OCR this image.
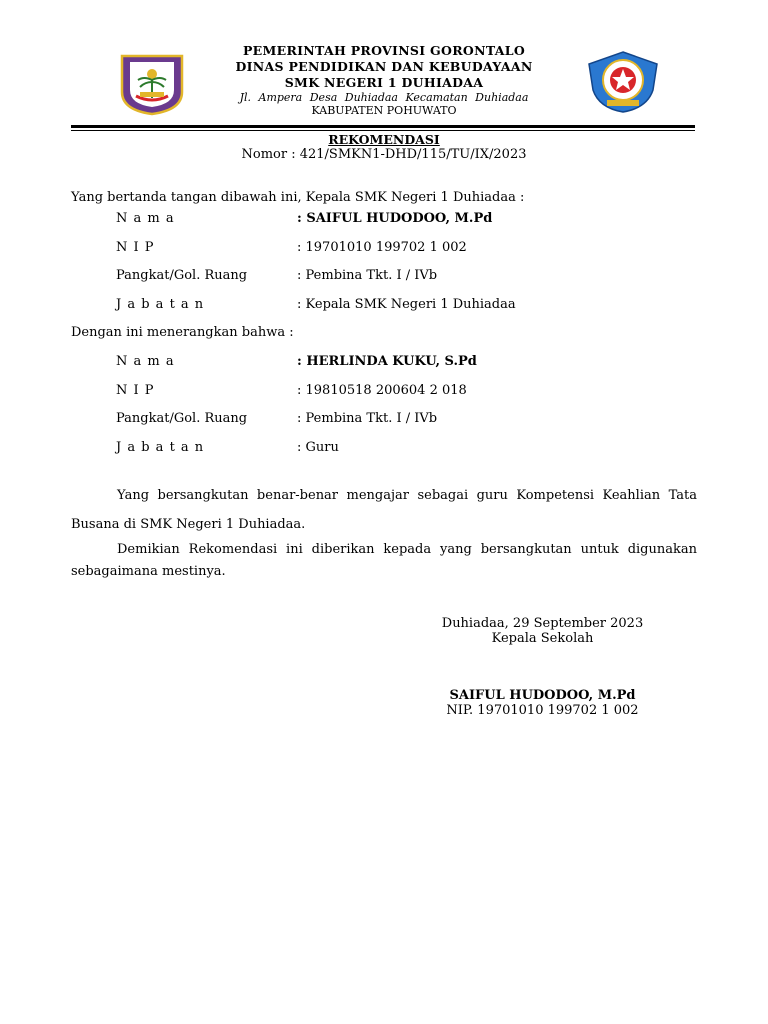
PEMERINTAH PROVINSI GORONTALO
DINAS PENDIDIKAN DAN KEBUDAYAAN
SMK NEGERI 1 DUHIADAA
Jl. Ampera Desa Duhiadaa Kecamatan Duhiadaa
KABUPATEN POHUWATO
REKOMENDASI
Nomor : 421/SMKN1-DHD/115/TU/IX/2023
Yang bertanda tangan dibawah ini, Kepala SMK Negeri 1 Duhiadaa :
N a m a	: SAIFUL HUDODOO, M.Pd
N I P	: 19701010 199702 1 002
Pangkat/Gol. Ruang	: Pembina Tkt. I / IVb
J a b a t a n	: Kepala SMK Negeri 1 Duhiadaa
Dengan ini menerangkan bahwa :
N a m a	: HERLINDA KUKU, S.Pd
N I P	: 19810518 200604 2 018
Pangkat/Gol. Ruang	: Pembina Tkt. I / IVb
J a b a t a n	: Guru
Yang bersangkutan benar-benar mengajar sebagai guru Kompetensi Keahlian Tata Busana di SMK Negeri 1 Duhiadaa.
Demikian Rekomendasi ini diberikan kepada yang bersangkutan untuk digunakan sebagaimana mestinya.
Duhiadaa, 29 September 2023
Kepala Sekolah
SAIFUL HUDODOO, M.Pd
NIP. 19701010 199702 1 002
